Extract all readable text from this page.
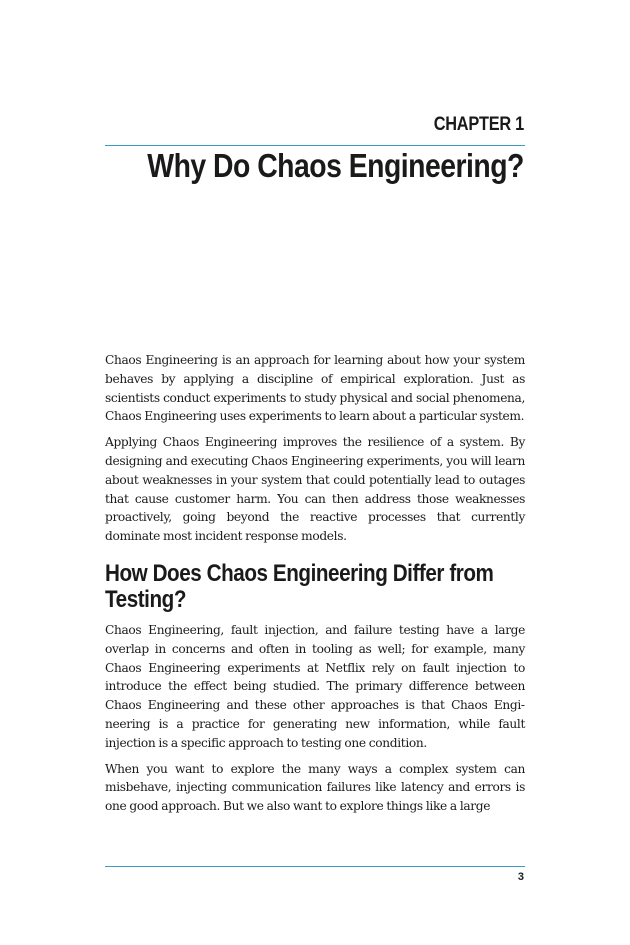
CHAPTER 1
Why Do Chaos Engineering?

Chaos Engineering is an approach for learning about how your system behaves by applying a discipline of empirical exploration. Just as scientists conduct experiments to study physical and social phenomena, Chaos Engineering uses experiments to learn about a particular system.

Applying Chaos Engineering improves the resilience of a system. By designing and executing Chaos Engineering experiments, you will learn about weaknesses in your system that could potentially lead to outages that cause customer harm. You can then address those weaknesses proactively, going beyond the reactive processes that currently dominate most incident response models.

How Does Chaos Engineering Differ from Testing?

Chaos Engineering, fault injection, and failure testing have a large overlap in concerns and often in tooling as well; for example, many Chaos Engineering experiments at Netflix rely on fault injection to introduce the effect being studied. The primary difference between Chaos Engineering and these other approaches is that Chaos Engineering is a practice for generating new information, while fault injection is a specific approach to testing one condition.

When you want to explore the many ways a complex system can misbehave, injecting communication failures like latency and errors is one good approach. But we also want to explore things like a large

3
